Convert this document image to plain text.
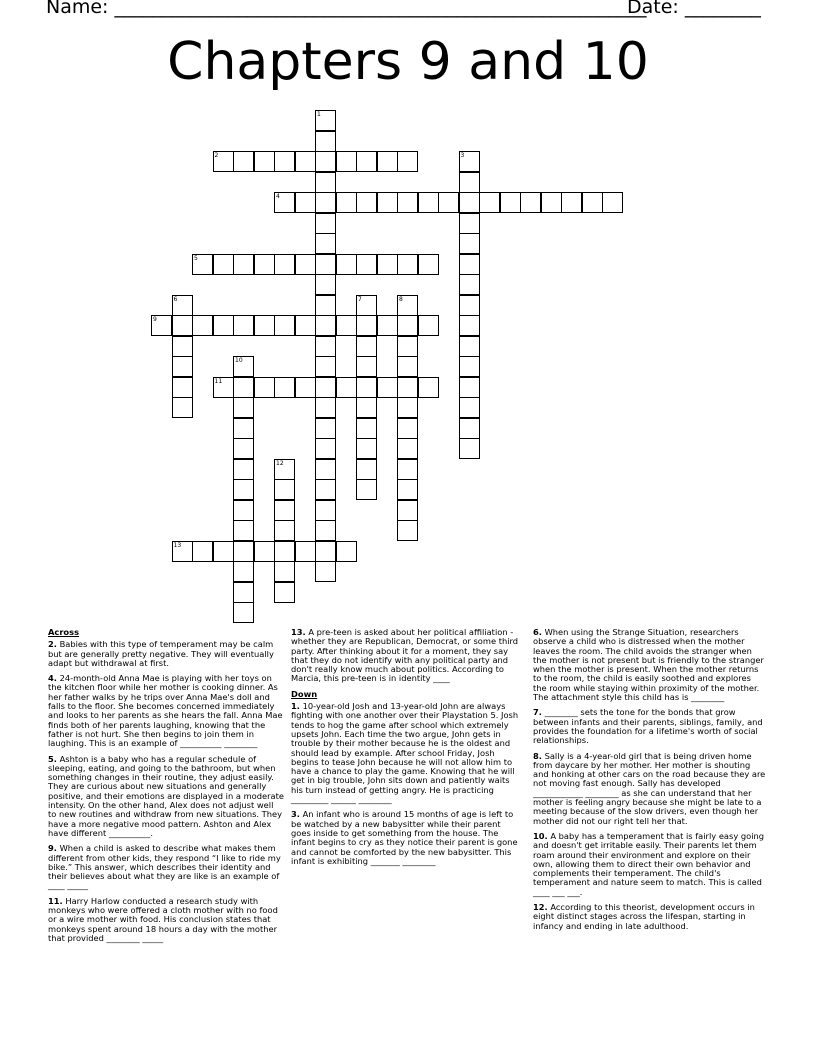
Name: ________________________________________________________
Date: ________
Chapters 9 and 10
1
2	3
4
5
6	7	8
9
10
11
12
13
Across
2. Babies with this type of temperament may be calm but are generally pretty negative. They will eventually adapt but withdrawal at first.
4. 24-month-old Anna Mae is playing with her toys on the kitchen floor while her mother is cooking dinner. As her father walks by he trips over Anna Mae's doll and falls to the floor. She becomes concerned immediately and looks to her parents as she hears the fall. Anna Mae finds both of her parents laughing, knowing that the father is not hurt. She then begins to join them in laughing. This is an example of __________ ________
5. Ashton is a baby who has a regular schedule of sleeping, eating, and going to the bathroom, but when something changes in their routine, they adjust easily. They are curious about new situations and generally positive, and their emotions are displayed in a moderate intensity. On the other hand, Alex does not adjust well to new routines and withdraw from new situations. They have a more negative mood pattern. Ashton and Alex have different __________.
9. When a child is asked to describe what makes them different from other kids, they respond “I like to ride my bike.” This answer, which describes their identity and their believes about what they are like is an example of ____ _____
11. Harry Harlow conducted a research study with monkeys who were offered a cloth mother with no food or a wire mother with food. His conclusion states that monkeys spent around 18 hours a day with the mother that provided ________ _____
13. A pre-teen is asked about her political affiliation - whether they are Republican, Democrat, or some third party. After thinking about it for a moment, they say that they do not identify with any political party and don't really know much about politics. According to Marcia, this pre-teen is in identity ____
Down
1. 10-year-old Josh and 13-year-old John are always fighting with one another over their Playstation 5. Josh tends to hog the game after school which extremely upsets John. Each time the two argue, John gets in trouble by their mother because he is the oldest and should lead by example. After school Friday, Josh begins to tease John because he will not allow him to have a chance to play the game. Knowing that he will get in big trouble, John sits down and patiently waits his turn instead of getting angry. He is practicing _________ ______ ________
3. An infant who is around 15 months of age is left to be watched by a new babysitter while their parent goes inside to get something from the house. The infant begins to cry as they notice their parent is gone and cannot be comforted by the new babysitter. This infant is exhibiting _______ ________
6. When using the Strange Situation, researchers observe a child who is distressed when the mother leaves the room. The child avoids the stranger when the mother is not present but is friendly to the stranger when the mother is present. When the mother returns to the room, the child is easily soothed and explores the room while staying within proximity of the mother. The attachment style this child has is ________
7. ________ sets the tone for the bonds that grow between infants and their parents, siblings, family, and provides the foundation for a lifetime's worth of social relationships.
8. Sally is a 4-year-old girl that is being driven home from daycare by her mother. Her mother is shouting and honking at other cars on the road because they are not moving fast enough. Sally has developed ____________ ________ as she can understand that her mother is feeling angry because she might be late to a meeting because of the slow drivers, even though her mother did not our right tell her that.
10. A baby has a temperament that is fairly easy going and doesn't get irritable easily. Their parents let them roam around their environment and explore on their own, allowing them to direct their own behavior and complements their temperament. The child's temperament and nature seem to match. This is called ____ ___ ___.
12. According to this theorist, development occurs in eight distinct stages across the lifespan, starting in infancy and ending in late adulthood.
